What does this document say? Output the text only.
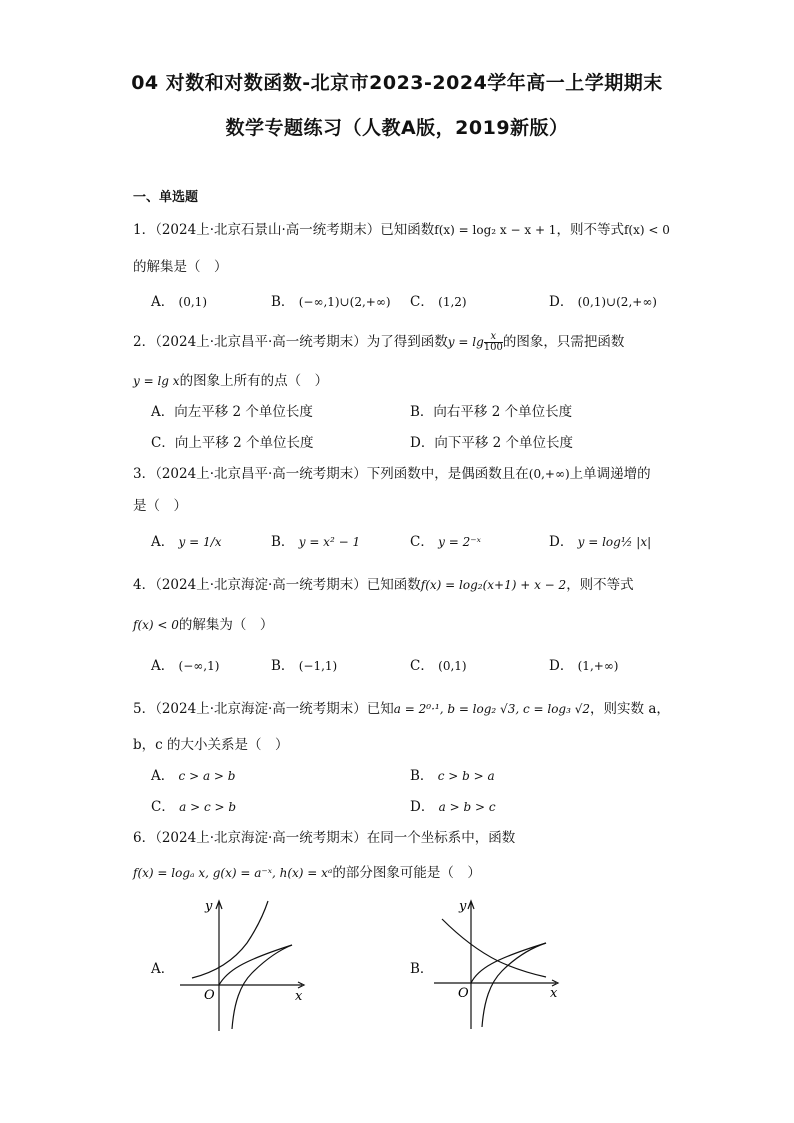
04 对数和对数函数-北京市2023-2024学年高一上学期期末
数学专题练习（人教A版，2019新版）
一、单选题
1．（2024上·北京石景山·高一统考期末）已知函数f(x) = log₂ x − x + 1，则不等式f(x) < 0
的解集是（　）
A． (0,1)	B． (−∞,1)∪(2,+∞) C． (1,2)	D． (0,1)∪(2,+∞)
2．（2024上·北京昌平·高一统考期末）为了得到函数$y = \lg \frac{x}{100}$ 的图象，只需把函数
y = lg x的图象上所有的点（　）
A．向左平移 2 个单位长度	B．向右平移 2 个单位长度
C．向上平移 2 个单位长度	D．向下平移 2 个单位长度
3．（2024上·北京昌平·高一统考期末）下列函数中，是偶函数且在(0,+∞)上单调递增的
是（　）
A． y = 1/x	B． y = x² − 1	C． y = 2⁻ˣ	D． y = log½ |x|
4．（2024上·北京海淀·高一统考期末）已知函数f(x) = log₂(x+1) + x − 2，则不等式
f(x) < 0的解集为（　）
A． (−∞,1)	B． (−1,1)	C． (0,1)	D． (1,+∞)
5．（2024上·北京海淀·高一统考期末）已知a = 2⁰·¹, b = log₂ √3, c = log₃ √2，则实数 a，
b，c 的大小关系是（　）
A． c > a > b	B． c > b > a
C． a > c > b	D． a > b > c
6．（2024上·北京海淀·高一统考期末）在同一个坐标系中，函数
f(x) = logₐ x, g(x) = a⁻ˣ, h(x) = xᵃ的部分图象可能是（　）
A．	B．
y
x
O
y
x
O
